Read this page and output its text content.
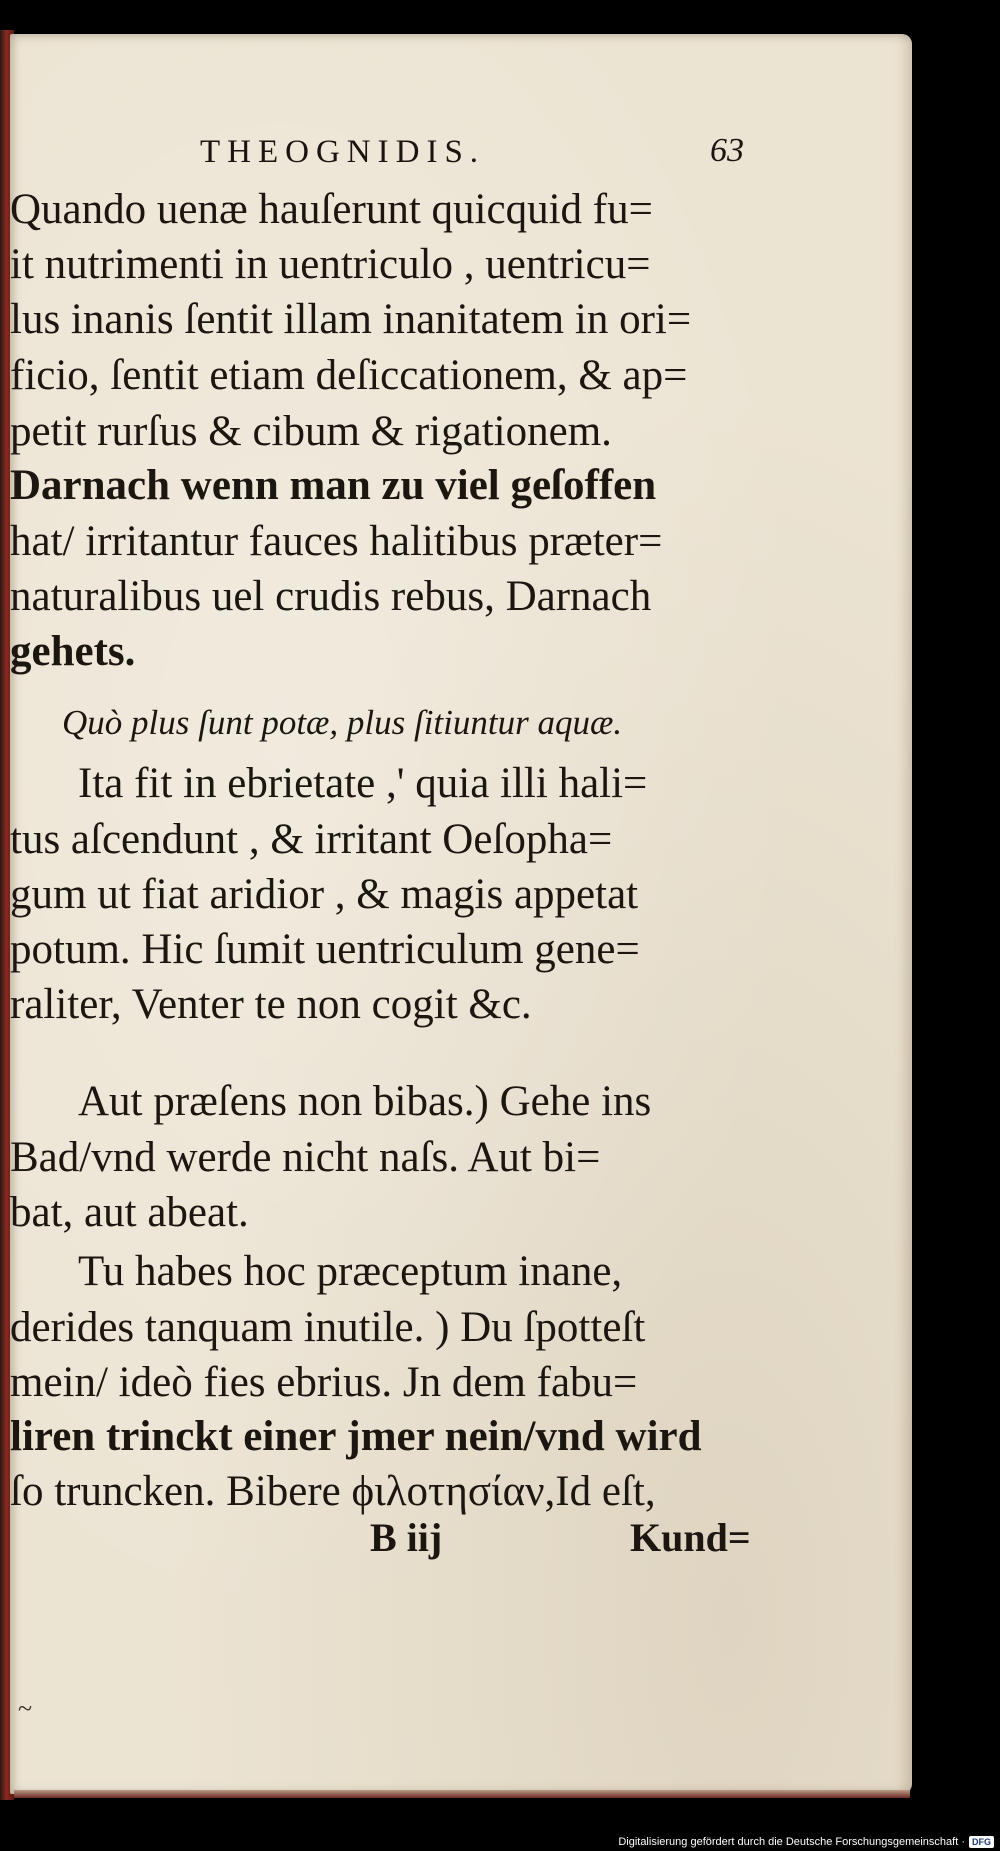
THEOGNIDIS.	63
Quando uenæ hauſerunt quicquid fu=
it nutrimenti in uentriculo , uentricu=
lus inanis ſentit illam inanitatem in ori=
ficio, ſentit etiam deſiccationem, & ap=
petit rurſus & cibum & rigationem.
Darnach wenn man zu viel geſoffen
hat/ irritantur fauces halitibus præter=
naturalibus uel crudis rebus, Darnach
gehets.
Quò plus ſunt potæ, plus ſitiuntur aquæ.
Ita fit in ebrietate ,' quia illi hali=
tus aſcendunt , & irritant Oeſopha=
gum ut fiat aridior , & magis appetat
potum. Hic ſumit uentriculum gene=
raliter, Venter te non cogit &c.
Aut præſens non bibas.) Gehe ins
Bad/vnd werde nicht naſs. Aut bi=
bat, aut abeat.
Tu habes hoc præceptum inane,
derides tanquam inutile. ) Du ſpotteſt
mein/ ideò fies ebrius. Jn dem fabu=
liren trinckt einer jmer nein/vnd wird
ſo truncken. Bibere ϕιλοτησίαν,Id eſt,
B iij	Kund=
~
Digitalisierung gefördert durch die Deutsche Forschungsgemeinschaft · DFG
